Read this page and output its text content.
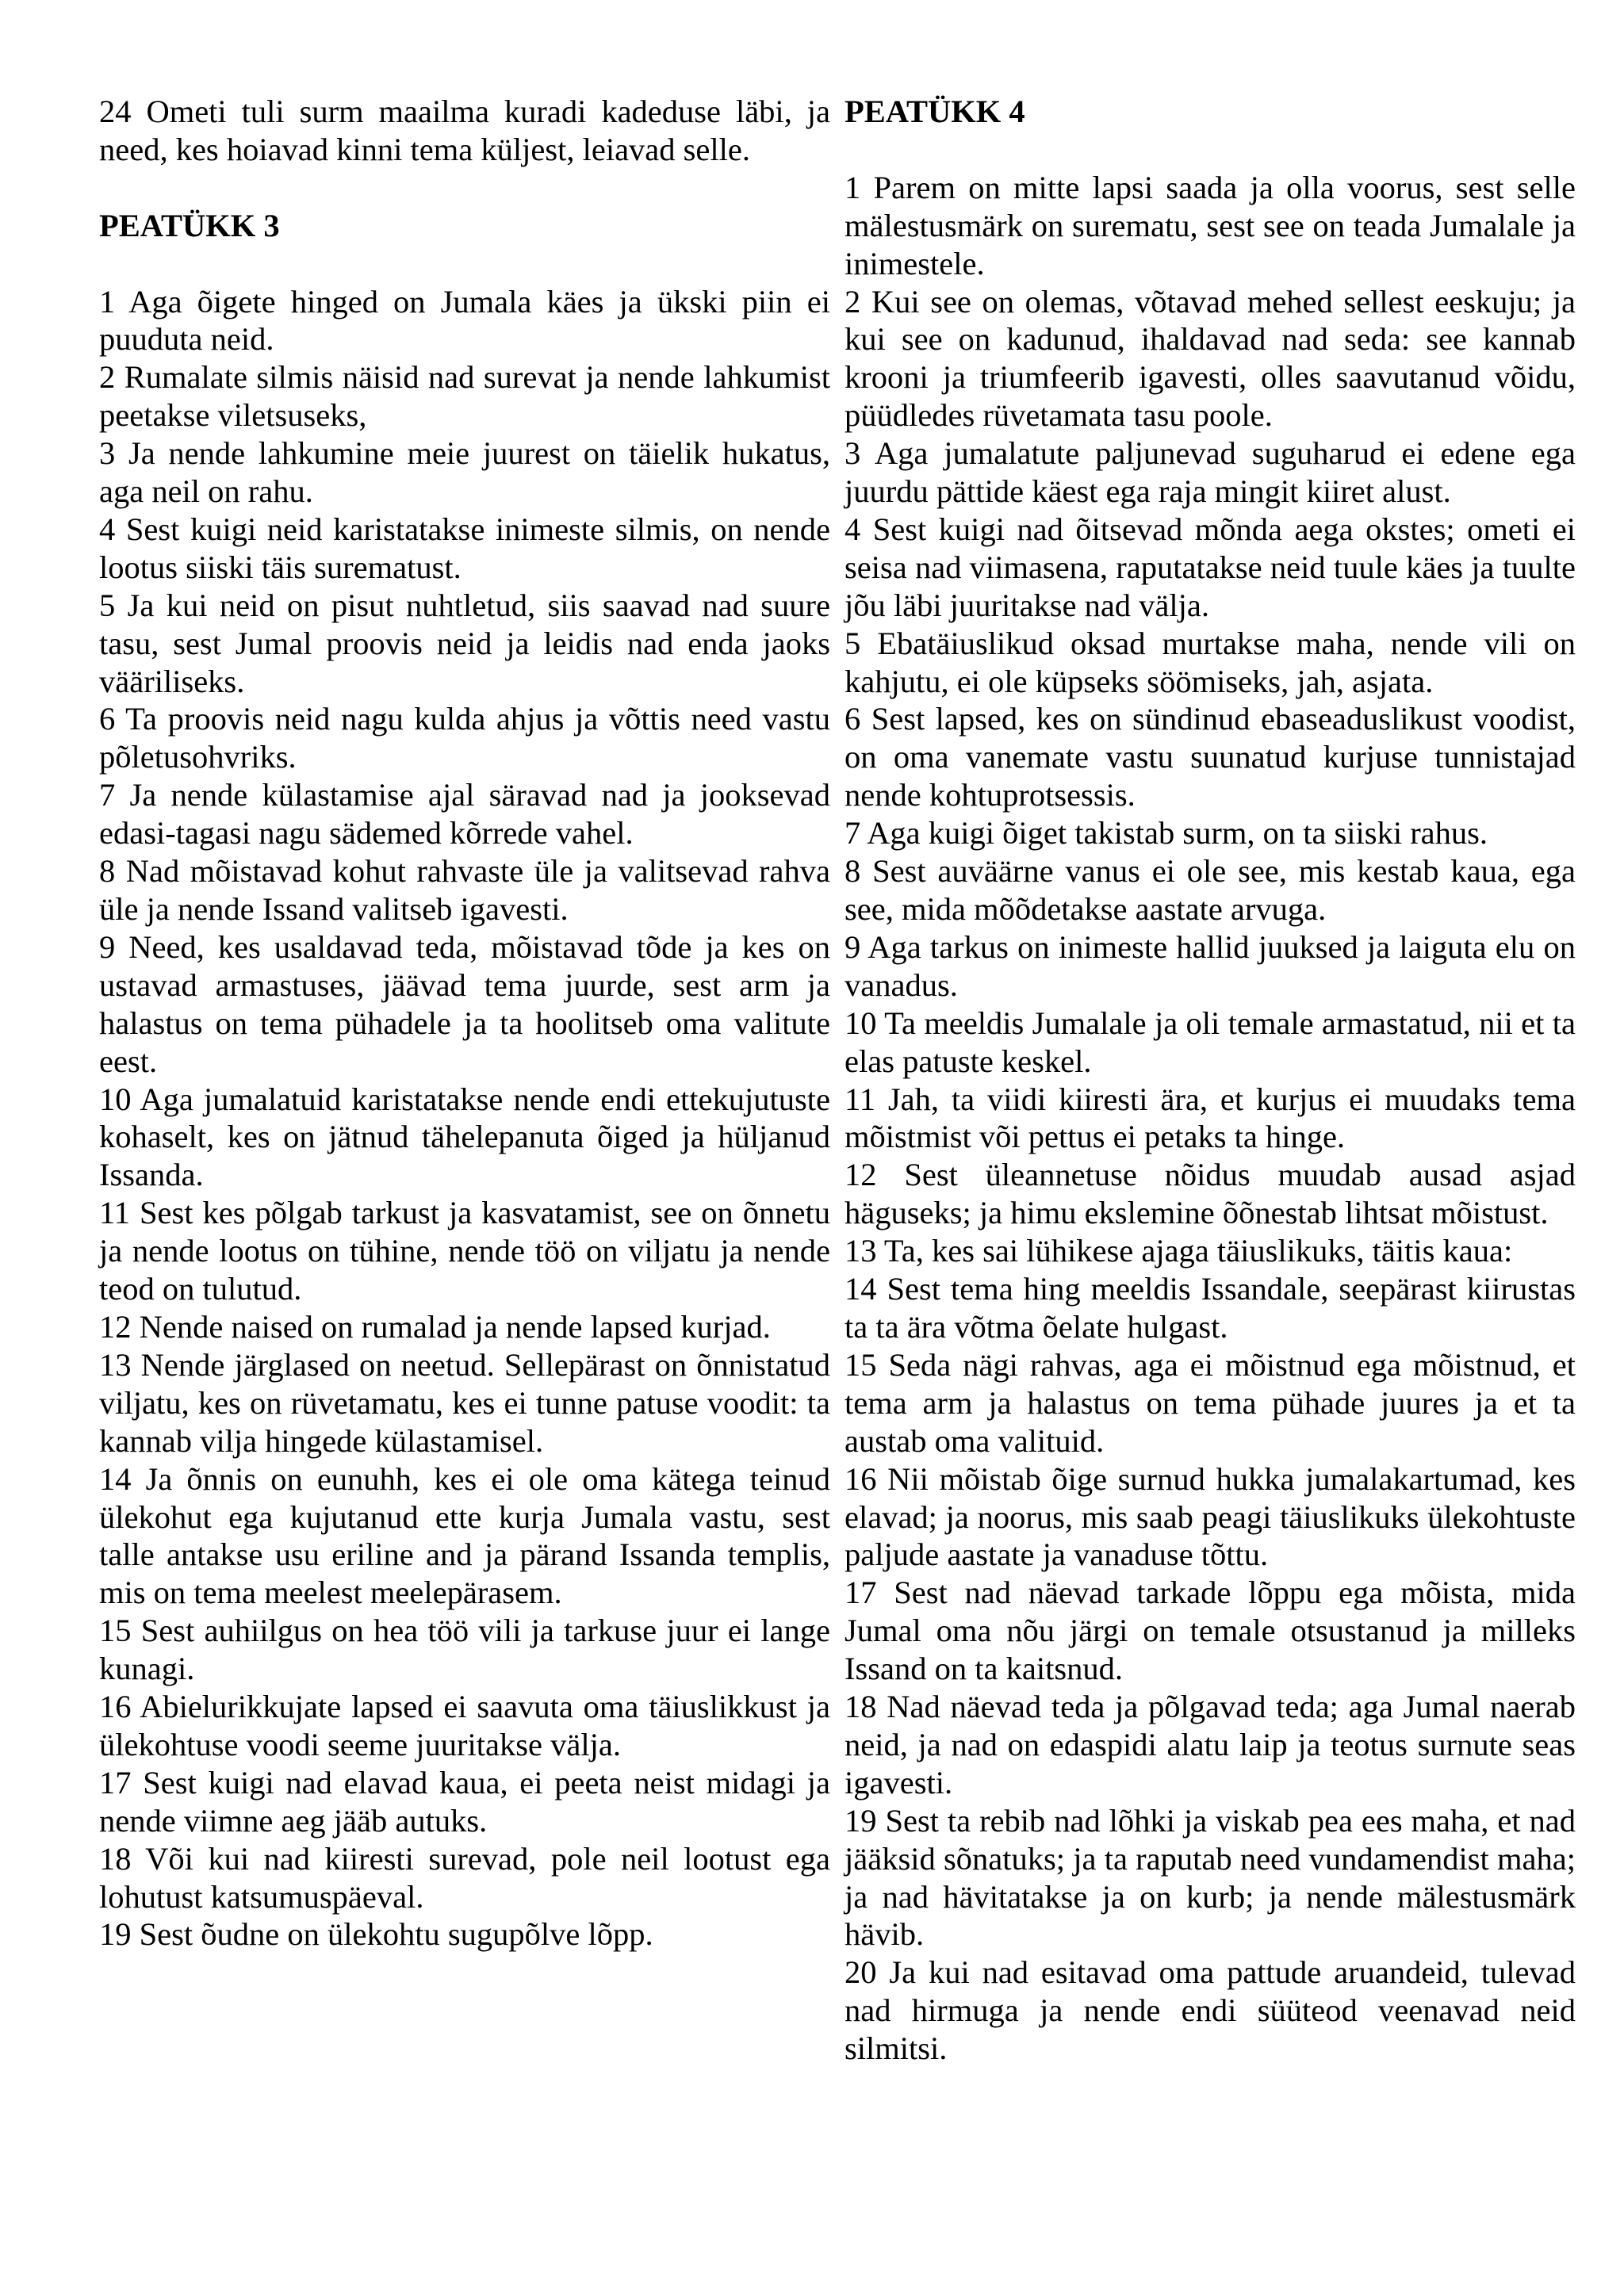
24 Ometi tuli surm maailma kuradi kadeduse läbi, ja need, kes hoiavad kinni tema küljest, leiavad selle.

PEATÜKK 3

1 Aga õigete hinged on Jumala käes ja ükski piin ei puuduta neid.

2 Rumalate silmis näisid nad surevat ja nende lahkumist peetakse viletsuseks,

3 Ja nende lahkumine meie juurest on täielik hukatus, aga neil on rahu.

4 Sest kuigi neid karistatakse inimeste silmis, on nende lootus siiski täis surematust.

5 Ja kui neid on pisut nuhtletud, siis saavad nad suure tasu, sest Jumal proovis neid ja leidis nad enda jaoks vääriliseks.

6 Ta proovis neid nagu kulda ahjus ja võttis need vastu põletusohvriks.

7 Ja nende külastamise ajal säravad nad ja jooksevad edasi-tagasi nagu sädemed kõrrede vahel.

8 Nad mõistavad kohut rahvaste üle ja valitsevad rahva üle ja nende Issand valitseb igavesti.

9 Need, kes usaldavad teda, mõistavad tõde ja kes on ustavad armastuses, jäävad tema juurde, sest arm ja halastus on tema pühadele ja ta hoolitseb oma valitute eest.

10 Aga jumalatuid karistatakse nende endi ettekujutuste kohaselt, kes on jätnud tähelepanuta õiged ja hüljanud Issanda.

11 Sest kes põlgab tarkust ja kasvatamist, see on õnnetu ja nende lootus on tühine, nende töö on viljatu ja nende teod on tulutud.

12 Nende naised on rumalad ja nende lapsed kurjad.

13 Nende järglased on neetud. Sellepärast on õnnistatud viljatu, kes on rüvetamatu, kes ei tunne patuse voodit: ta kannab vilja hingede külastamisel.

14 Ja õnnis on eunuhh, kes ei ole oma kätega teinud ülekohut ega kujutanud ette kurja Jumala vastu, sest talle antakse usu eriline and ja pärand Issanda templis, mis on tema meelest meelepärasem.

15 Sest auhiilgus on hea töö vili ja tarkuse juur ei lange kunagi.

16 Abielurikkujate lapsed ei saavuta oma täiuslikkust ja ülekohtuse voodi seeme juuritakse välja.

17 Sest kuigi nad elavad kaua, ei peeta neist midagi ja nende viimne aeg jääb autuks.

18 Või kui nad kiiresti surevad, pole neil lootust ega lohutust katsumuspäeval.

19 Sest õudne on ülekohtu sugupõlve lõpp.

PEATÜKK 4

1 Parem on mitte lapsi saada ja olla voorus, sest selle mälestusmärk on surematu, sest see on teada Jumalale ja inimestele.

2 Kui see on olemas, võtavad mehed sellest eeskuju; ja kui see on kadunud, ihaldavad nad seda: see kannab krooni ja triumfeerib igavesti, olles saavutanud võidu, püüdledes rüvetamata tasu poole.

3 Aga jumalatute paljunevad suguharud ei edene ega juurdu pättide käest ega raja mingit kiiret alust.

4 Sest kuigi nad õitsevad mõnda aega okstes; ometi ei seisa nad viimasena, raputatakse neid tuule käes ja tuulte jõu läbi juuritakse nad välja.

5 Ebatäiuslikud oksad murtakse maha, nende vili on kahjutu, ei ole küpseks söömiseks, jah, asjata.

6 Sest lapsed, kes on sündinud ebaseaduslikust voodist, on oma vanemate vastu suunatud kurjuse tunnistajad nende kohtuprotsessis.

7 Aga kuigi õiget takistab surm, on ta siiski rahus.

8 Sest auväärne vanus ei ole see, mis kestab kaua, ega see, mida mõõdetakse aastate arvuga.

9 Aga tarkus on inimeste hallid juuksed ja laiguta elu on vanadus.

10 Ta meeldis Jumalale ja oli temale armastatud, nii et ta elas patuste keskel.

11 Jah, ta viidi kiiresti ära, et kurjus ei muudaks tema mõistmist või pettus ei petaks ta hinge.

12 Sest üleannetuse nõidus muudab ausad asjad häguseks; ja himu ekslemine õõnestab lihtsat mõistust.

13 Ta, kes sai lühikese ajaga täiuslikuks, täitis kaua:

14 Sest tema hing meeldis Issandale, seepärast kiirustas ta ta ära võtma õelate hulgast.

15 Seda nägi rahvas, aga ei mõistnud ega mõistnud, et tema arm ja halastus on tema pühade juures ja et ta austab oma valituid.

16 Nii mõistab õige surnud hukka jumalakartumad, kes elavad; ja noorus, mis saab peagi täiuslikuks ülekohtuste paljude aastate ja vanaduse tõttu.

17 Sest nad näevad tarkade lõppu ega mõista, mida Jumal oma nõu järgi on temale otsustanud ja milleks Issand on ta kaitsnud.

18 Nad näevad teda ja põlgavad teda; aga Jumal naerab neid, ja nad on edaspidi alatu laip ja teotus surnute seas igavesti.

19 Sest ta rebib nad lõhki ja viskab pea ees maha, et nad jääksid sõnatuks; ja ta raputab need vundamendist maha; ja nad hävitatakse ja on kurb; ja nende mälestusmärk hävib.

20 Ja kui nad esitavad oma pattude aruandeid, tulevad nad hirmuga ja nende endi süüteod veenavad neid silmitsi.
